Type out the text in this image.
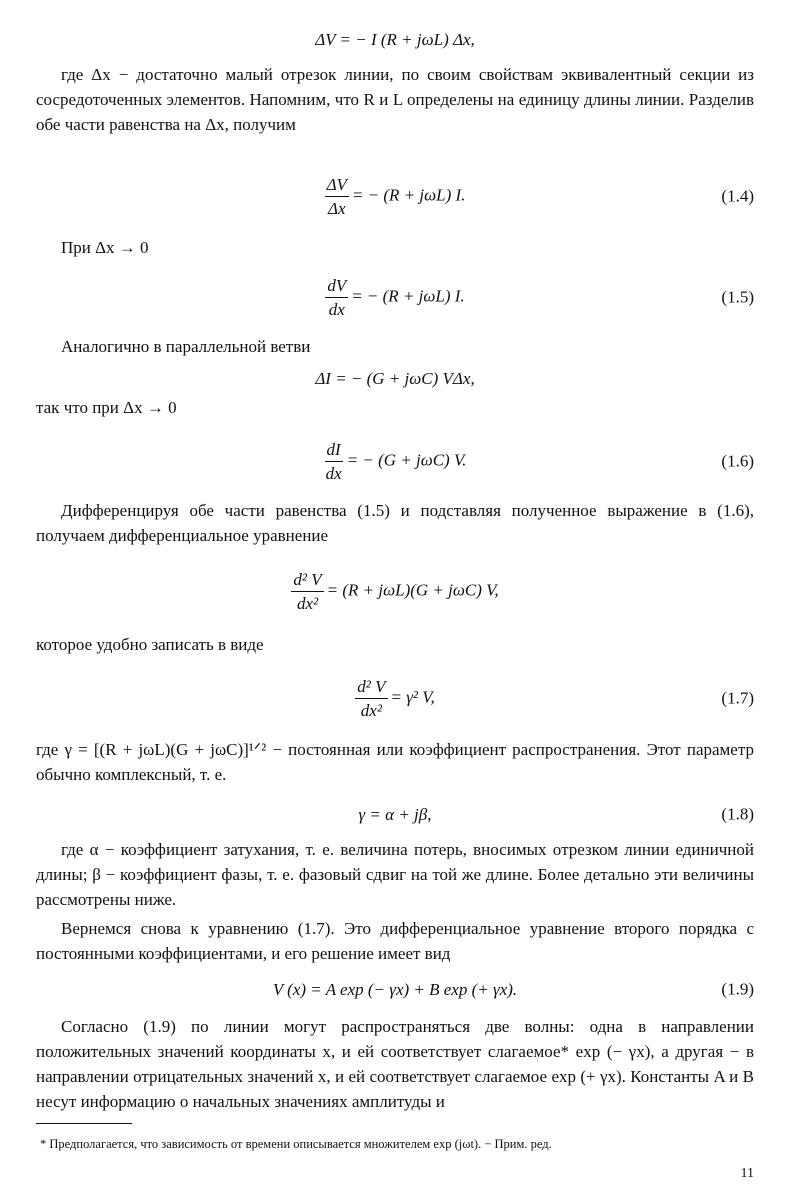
ΔV = − I (R + jωL) Δx,

где Δx − достаточно малый отрезок линии, по своим свойствам эквивалентный секции из сосредоточенных элементов. Напомним, что R и L определены на единицу длины линии. Разделив обе части равенства на Δx, получим

$\frac{\Delta V}{\Delta x}$ = − (R + jωL) I.	(1.4)

При Δx → 0

$\frac{dV}{dx}$ = − (R + jωL) I.	(1.5)

Аналогично в параллельной ветви

ΔI = − (G + jωC) VΔx,

так что при Δx → 0

$\frac{dI}{dx}$ = − (G + jωC) V.	(1.6)

Дифференцируя обе части равенства (1.5) и подставляя полученное выражение в (1.6), получаем дифференциальное уравнение

$\frac{\text{d² V}}{\text{dx²}} = (R + j\omega L)(G + j\omega C)$ V,

которое удобно записать в виде

$\frac{\text{d² V}}{\text{dx²}} = \gamma^2$ V,	(1.7)

где γ = [(R + jωL)(G + jωC)]¹ᐟ² − постоянная или коэффициент распространения. Этот параметр обычно комплексный, т. е.

γ = α + jβ,	(1.8)

где α − коэффициент затухания, т. е. величина потерь, вносимых отрезком линии единичной длины; β − коэффициент фазы, т. е. фазовый сдвиг на той же длине. Более детально эти величины рассмотрены ниже.

Вернемся снова к уравнению (1.7). Это дифференциальное уравнение второго порядка с постоянными коэффициентами, и его решение имеет вид

V (x) = A exp (− γx) + B exp (+ γx).	(1.9)

Согласно (1.9) по линии могут распространяться две волны: одна в направлении положительных значений координаты x, и ей соответствует слагаемое* exp (− γx), а другая − в направлении отрицательных значений x, и ей соответствует слагаемое exp (+ γx). Константы A и B несут информацию о начальных значениях амплитуды и

* Предполагается, что зависимость от времени описывается множителем exp (jωt). − Прим. ред.

11
